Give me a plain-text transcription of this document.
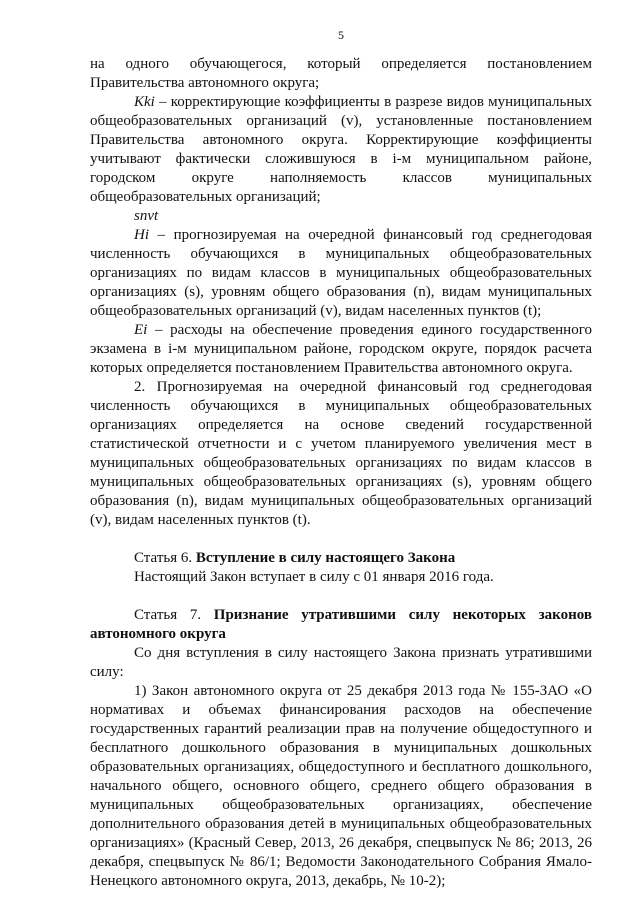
5

на одного обучающегося, который определяется постановлением Правительства автономного округа;

Kki – корректирующие коэффициенты в разрезе видов муниципальных общеобразовательных организаций (v), установленные постановлением Правительства автономного округа. Корректирующие коэффициенты учитывают фактически сложившуюся в i-м муниципальном районе, городском округе наполняемость классов муниципальных общеобразовательных организаций;

snvt

Hi – прогнозируемая на очередной финансовый год среднегодовая численность обучающихся в муниципальных общеобразовательных организациях по видам классов в муниципальных общеобразовательных организациях (s), уровням общего образования (n), видам муниципальных общеобразовательных организаций (v), видам населенных пунктов (t);

Ei – расходы на обеспечение проведения единого государственного экзамена в i-м муниципальном районе, городском округе, порядок расчета которых определяется постановлением Правительства автономного округа.

2. Прогнозируемая на очередной финансовый год среднегодовая численность обучающихся в муниципальных общеобразовательных организациях определяется на основе сведений государственной статистической отчетности и с учетом планируемого увеличения мест в муниципальных общеобразовательных организациях по видам классов в муниципальных общеобразовательных организациях (s), уровням общего образования (n), видам муниципальных общеобразовательных организаций (v), видам населенных пунктов (t).

Статья 6. Вступление в силу настоящего Закона

Настоящий Закон вступает в силу с 01 января 2016 года.

Статья 7. Признание утратившими силу некоторых законов автономного округа

Со дня вступления в силу настоящего Закона признать утратившими силу:

1) Закон автономного округа от 25 декабря 2013 года № 155-ЗАО «О нормативах и объемах финансирования расходов на обеспечение государственных гарантий реализации прав на получение общедоступного и бесплатного дошкольного образования в муниципальных дошкольных образовательных организациях, общедоступного и бесплатного дошкольного, начального общего, основного общего, среднего общего образования в муниципальных общеобразовательных организациях, обеспечение дополнительного образования детей в муниципальных общеобразовательных организациях» (Красный Север, 2013, 26 декабря, спецвыпуск № 86; 2013, 26 декабря, спецвыпуск № 86/1; Ведомости Законодательного Собрания Ямало-Ненецкого автономного округа, 2013, декабрь, № 10-2);
